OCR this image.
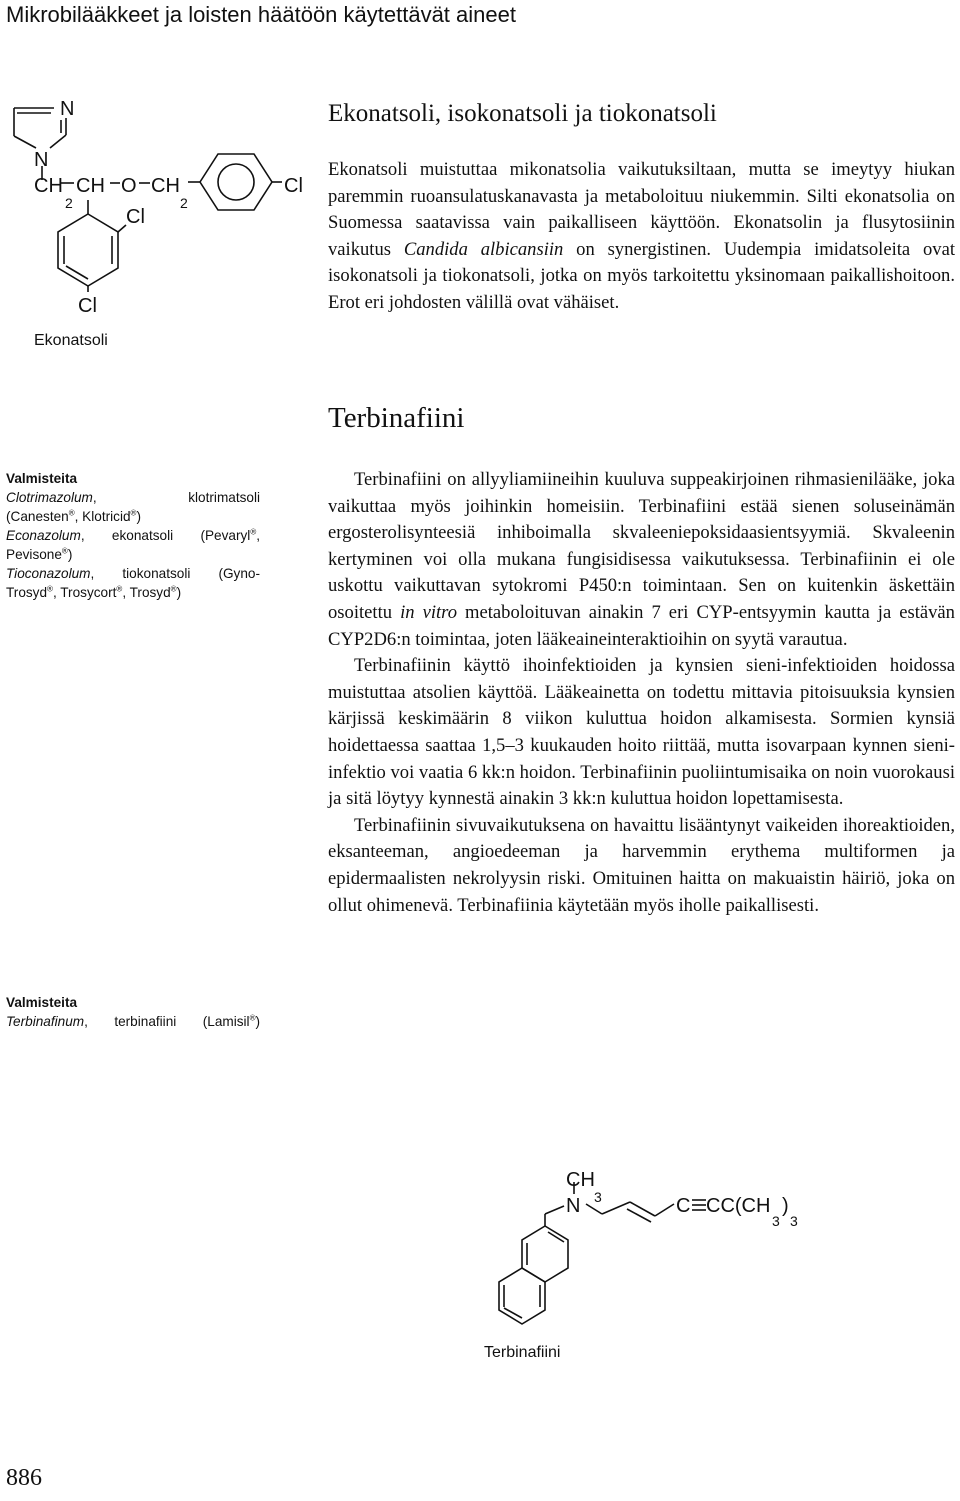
Mikrobilääkkeet ja loisten häätöön käytettävät aineet
N
N
CH
2
CH O CH
2
Cl
Cl
Cl
Ekonatsoli
Ekonatsoli, isokonatsoli ja tiokonatsoli

Ekonatsoli muistuttaa mikonatsolia vaikutuksiltaan, mutta se imeytyy hiukan paremmin ruoansulatuskanavasta ja metaboloituu niukemmin. Silti ekonatsolia on Suomessa saatavissa vain paikalliseen käyttöön. Ekonatsolin ja flusytosiinin vaikutus Candida albicansiin on synergistinen. Uudempia imidatsoleita ovat isokonatsoli ja tiokonatsoli, jotka on myös tarkoitettu yksinomaan paikallishoitoon. Erot eri johdosten välillä ovat vähäiset.

Terbinafiini
Valmisteita
Clotrimazolum, klotrimatsoli
(Canesten®, Klotricid®)
Econazolum, ekonatsoli (Pevaryl®,
Pevisone®)
Tioconazolum, tiokonatsoli (Gyno-
Trosyd®, Trosycort®, Trosyd®)

Terbinafiini on allyyliamiineihin kuuluva suppeakirjoinen rihmasienilääke, joka vaikuttaa myös joihinkin homeisiin. Terbinafiini estää sienen soluseinämän ergosterolisynteesiä inhiboimalla skvaleeniepoksidaasientsyymiä. Skvaleenin kertyminen voi olla mukana fungisidisessa vaikutuksessa. Terbinafiinin ei ole uskottu vaikuttavan sytokromi P450:n toimintaan. Sen on kuitenkin äskettäin osoitettu in vitro metaboloituvan ainakin 7 eri CYP-entsyymin kautta ja estävän CYP2D6:n toimintaa, joten lääkeaineinteraktioihin on syytä varautua.

Terbinafiinin käyttö ihoinfektioiden ja kynsien sieni-infektioiden hoidossa muistuttaa atsolien käyttöä. Lääkeainetta on todettu mittavia pitoisuuksia kynsien kärjissä keskimäärin 8 viikon kuluttua hoidon alkamisesta. Sormien kynsiä hoidettaessa saattaa 1,5–3 kuukauden hoito riittää, mutta isovarpaan kynnen sieni-infektio voi vaatia 6 kk:n hoidon. Terbinafiinin puoliintumisaika on noin vuorokausi ja sitä löytyy kynnestä ainakin 3 kk:n kuluttua hoidon lopettamisesta.

Terbinafiinin sivuvaikutuksena on havaittu lisääntynyt vaikeiden ihoreaktioiden, eksanteeman, angioedeeman ja harvemmin erythema multiformen ja epidermaalisten nekrolyysin riski. Omituinen haitta on makuaistin häiriö, joka on ollut ohimenevä. Terbinafiinia käytetään myös iholle paikallisesti.

Valmisteita
Terbinafinum, terbinafiini (Lamisil®)
CH
3
N	C CC(CH
3
)
3
Terbinafiini
886
